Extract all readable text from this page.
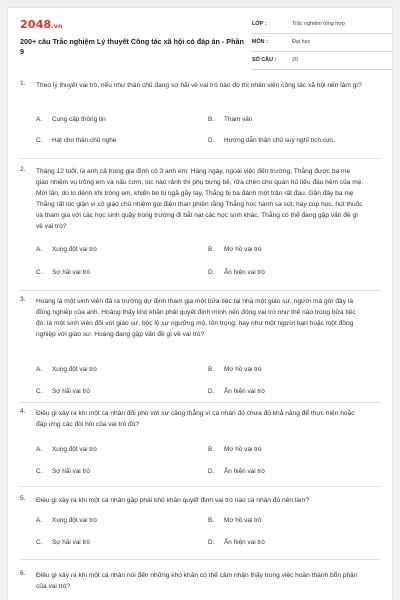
2048.vn
200+ câu Trắc nghiệm Lý thuyết Công tác xã hội có đáp án - Phần 9
LỚP :	Trắc nghiệm tổng hợp
MÔN :	Đại học
SỐ CÂU :	20
1. Theo lý thuyết vai trò, nếu như thân chủ đang sợ hãi về vai trò nào đó thì nhân viên công tác xã hội nên làm gì?
A. Cung cấp thông tin	B. Tham vấn
C. Hát cho thân chủ nghe	D. Hướng dẫn thân chủ suy nghĩ tích cực.
2. Tháng 12 tuổi, là anh cả trong gia đình có 3 anh em. Hàng ngày, ngoài việc đến trường, Thắng được ba mẹ giao nhiệm vụ trông em và nấu cơm, lúc nào rảnh thì phụ bưng bê, rửa chén cho quán hủ tiếu đầu hẻm của mẹ. Mới lần, do lo dềnh khi trông em, khiến bé bị ngã gãy tay, Thắng bị ba đánh một trận rất đau. Gần đây ba mẹ Thắng rất lúc giận vì cô giáo chủ nhiệm gọi điện than phiền rằng Thắng học hành sa sút, hay cúp học, hút thuốc và tham gia với các học sinh quậy trong trường đi bắt nạt các học sinh khác. Thắng có thể đang gặp vấn đề gì về vai trò?
A. Xung đột vai trò	B. Mơ hồ vai trò
C. Sợ hãi vai trò	D. Ẩn hiện vai trò
3. Hoàng là một sinh viên đã ra trường dự định tham gia một bữa tiệc tại nhà một giáo sư, người mà gửi đây là đồng nghiệp của anh. Hoàng thấy khó khăn phải quyết định mình nên đóng vai trò như thế nào trong bữa tiệc đó: là một sinh viên đối với giáo sư, bộc lộ sự ngưỡng mộ, tôn trọng, hay như một người bạn hoặc một đồng nghiệp với giáo sư. Hoàng đang gặp vấn đề gì về vai trò?
A. Xung đột vai trò	B. Mơ hồ vai trò
C. Sợ hãi vai trò	D. Ẩn hiện vai trò
4. Điều gì xảy ra khi một cá nhân đối phó với sự căng thẳng vì cá nhân đó chưa đủ khả năng để thực hiện hoặc đáp ứng các đòi hỏi của vai trò đó?
A. Xung đột vai trò	B. Mơ hồ vai trò
C. Sợ hãi vai trò	D. Ẩn hiện vai trò
5. Điều gì xảy ra khi một cá nhân gặp phải khó khăn quyết định vai trò nào cá nhân đó nên làm?
A. Xung đột vai trò	B. Mơ hồ vai trò
C. Sợ hãi vai trò	D. Ẩn hiện vai trò
6. Điều gì xảy ra khi một cá nhân nói đến những khó khăn có thể cảm nhận thấy trong việc hoàn thành bổn phận của vai trò?
